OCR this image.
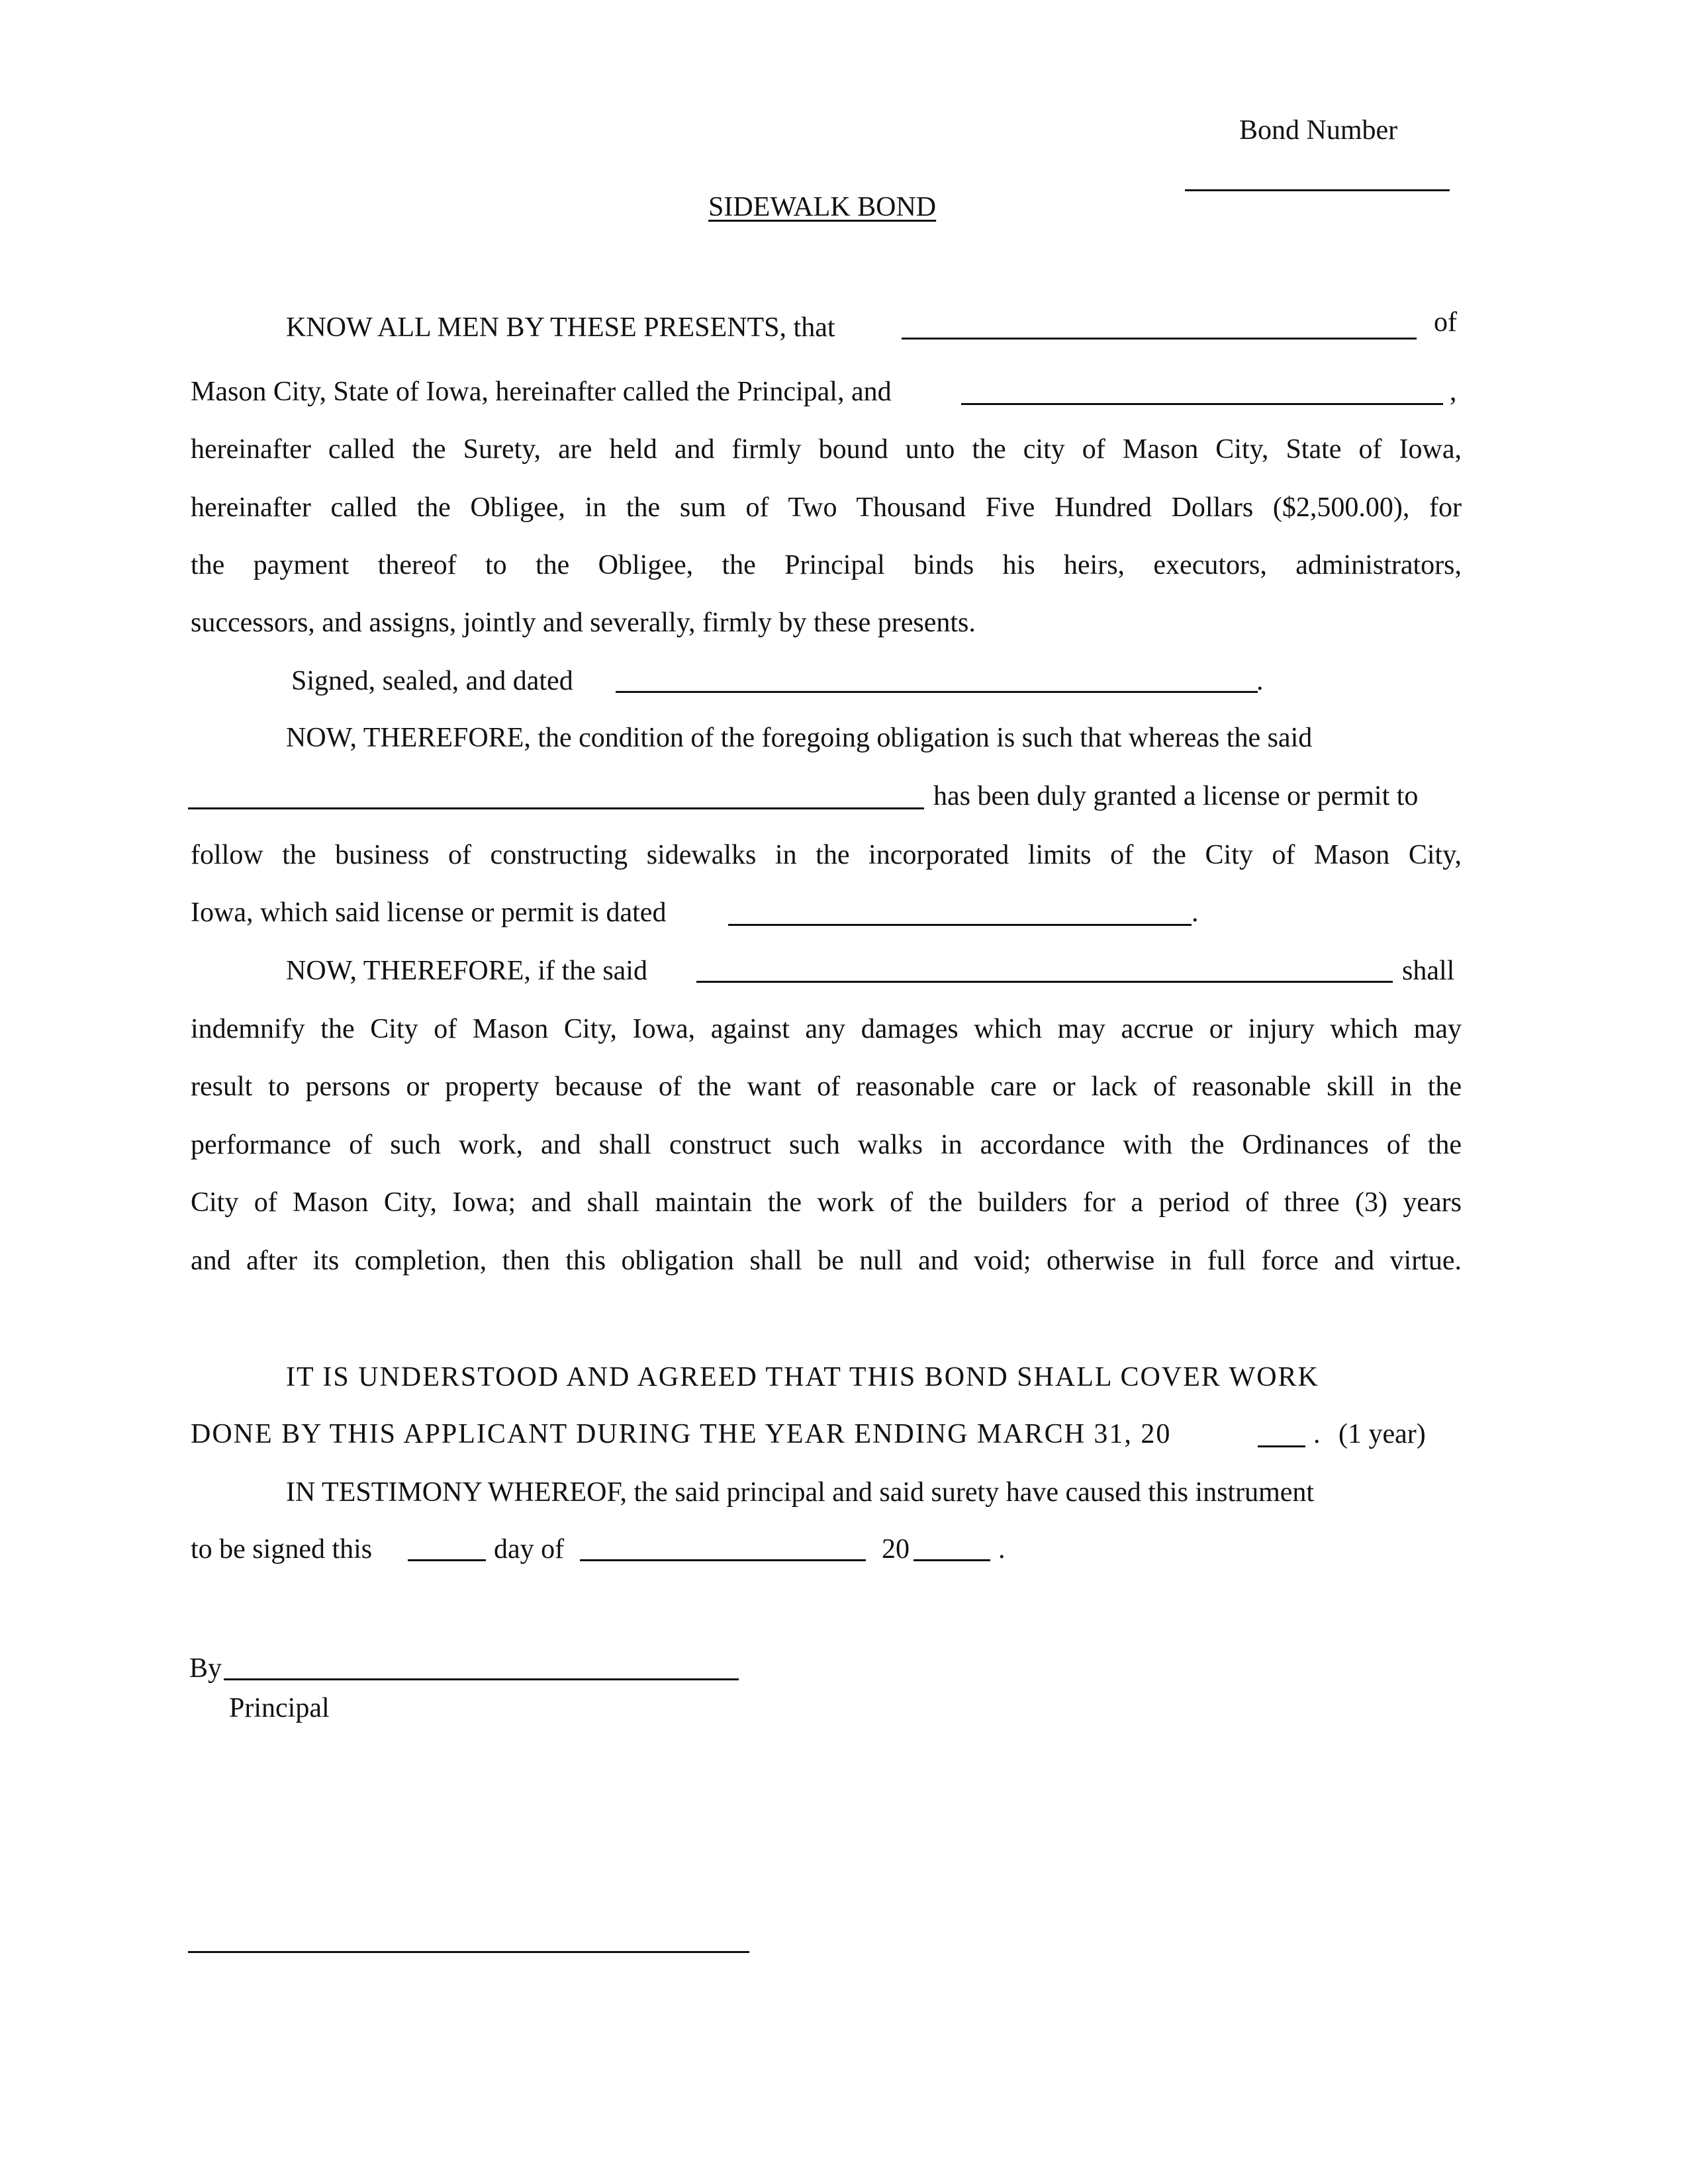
Bond Number
SIDEWALK BOND
KNOW ALL MEN BY THESE PRESENTS, that	of
Mason City, State of Iowa, hereinafter called the Principal, and	,
hereinafter called the Surety, are held and firmly bound unto the city of Mason City, State of Iowa,
hereinafter called the Obligee, in the sum of Two Thousand Five Hundred Dollars ($2,500.00), for
the payment thereof to the Obligee, the Principal binds his heirs, executors, administrators,
successors, and assigns, jointly and severally, firmly by these presents.
Signed, sealed, and dated	.
NOW, THEREFORE, the condition of the foregoing obligation is such that whereas the said
has been duly granted a license or permit to
follow the business of constructing sidewalks in the incorporated limits of the City of Mason City,
Iowa, which said license or permit is dated	.
NOW, THEREFORE, if the said	shall
indemnify the City of Mason City, Iowa, against any damages which may accrue or injury which may
result to persons or property because of the want of reasonable care or lack of reasonable skill in the
performance of such work, and shall construct such walks in accordance with the Ordinances of the
City of Mason City, Iowa; and shall maintain the work of the builders for a period of three (3) years
and after its completion, then this obligation shall be null and void; otherwise in full force and virtue.
IT IS UNDERSTOOD AND AGREED THAT THIS BOND SHALL COVER WORK
DONE BY THIS APPLICANT DURING THE YEAR ENDING MARCH 31, 20	. (1 year)
IN TESTIMONY WHEREOF, the said principal and said surety have caused this instrument
to be signed this	day of	20	.
By
Principal
